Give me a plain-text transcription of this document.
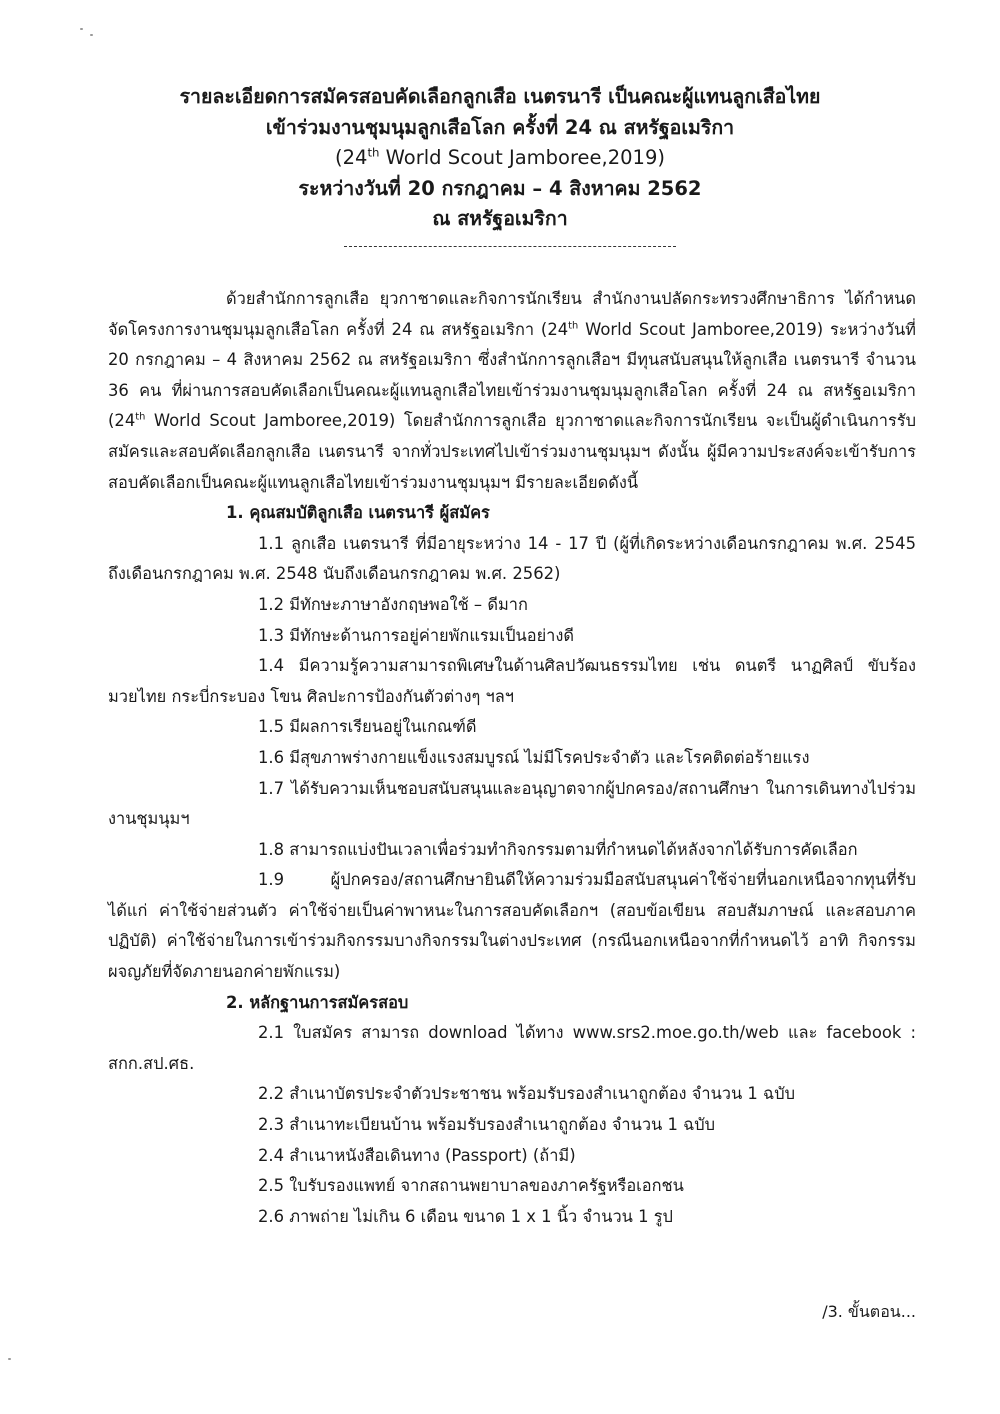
รายละเอียดการสมัครสอบคัดเลือกลูกเสือ เนตรนารี เป็นคณะผู้แทนลูกเสือไทย
เข้าร่วมงานชุมนุมลูกเสือโลก ครั้งที่ 24 ณ สหรัฐอเมริกา
(24th World Scout Jamboree,2019)
ระหว่างวันที่ 20 กรกฎาคม – 4 สิงหาคม 2562
ณ สหรัฐอเมริกา

ด้วยสำนักการลูกเสือ ยุวกาชาดและกิจการนักเรียน สำนักงานปลัดกระทรวงศึกษาธิการ ได้กำหนดจัดโครงการงานชุมนุมลูกเสือโลก ครั้งที่ 24 ณ สหรัฐอเมริกา (24th World Scout Jamboree,2019) ระหว่างวันที่ 20 กรกฎาคม – 4 สิงหาคม 2562 ณ สหรัฐอเมริกา ซึ่งสำนักการลูกเสือฯ มีทุนสนับสนุนให้ลูกเสือ เนตรนารี จำนวน 36 คน ที่ผ่านการสอบคัดเลือกเป็นคณะผู้แทนลูกเสือไทยเข้าร่วมงานชุมนุมลูกเสือโลก ครั้งที่ 24 ณ สหรัฐอเมริกา (24th World Scout Jamboree,2019) โดยสำนักการลูกเสือ ยุวกาชาดและกิจการนักเรียน จะเป็นผู้ดำเนินการรับสมัครและสอบคัดเลือกลูกเสือ เนตรนารี จากทั่วประเทศไปเข้าร่วมงานชุมนุมฯ ดังนั้น ผู้มีความประสงค์จะเข้ารับการสอบคัดเลือกเป็นคณะผู้แทนลูกเสือไทยเข้าร่วมงานชุมนุมฯ มีรายละเอียดดังนี้

1. คุณสมบัติลูกเสือ เนตรนารี ผู้สมัคร

1.1 ลูกเสือ เนตรนารี ที่มีอายุระหว่าง 14 - 17 ปี (ผู้ที่เกิดระหว่างเดือนกรกฎาคม พ.ศ. 2545 ถึงเดือนกรกฎาคม พ.ศ. 2548 นับถึงเดือนกรกฎาคม พ.ศ. 2562)

1.2 มีทักษะภาษาอังกฤษพอใช้ – ดีมาก

1.3 มีทักษะด้านการอยู่ค่ายพักแรมเป็นอย่างดี

1.4 มีความรู้ความสามารถพิเศษในด้านศิลปวัฒนธรรมไทย เช่น ดนตรี นาฏศิลป์ ขับร้อง มวยไทย กระบี่กระบอง โขน ศิลปะการป้องกันตัวต่างๆ ฯลฯ

1.5 มีผลการเรียนอยู่ในเกณฑ์ดี

1.6 มีสุขภาพร่างกายแข็งแรงสมบูรณ์ ไม่มีโรคประจำตัว และโรคติดต่อร้ายแรง

1.7 ได้รับความเห็นชอบสนับสนุนและอนุญาตจากผู้ปกครอง/สถานศึกษา ในการเดินทางไปร่วมงานชุมนุมฯ

1.8 สามารถแบ่งปันเวลาเพื่อร่วมทำกิจกรรมตามที่กำหนดได้หลังจากได้รับการคัดเลือก

1.9 ผู้ปกครอง/สถานศึกษายินดีให้ความร่วมมือสนับสนุนค่าใช้จ่ายที่นอกเหนือจากทุนที่รับ ได้แก่ ค่าใช้จ่ายส่วนตัว ค่าใช้จ่ายเป็นค่าพาหนะในการสอบคัดเลือกฯ (สอบข้อเขียน สอบสัมภาษณ์ และสอบภาคปฏิบัติ) ค่าใช้จ่ายในการเข้าร่วมกิจกรรมบางกิจกรรมในต่างประเทศ (กรณีนอกเหนือจากที่กำหนดไว้ อาทิ กิจกรรมผจญภัยที่จัดภายนอกค่ายพักแรม)

2. หลักฐานการสมัครสอบ

2.1 ใบสมัคร สามารถ download ได้ทาง www.srs2.moe.go.th/web และ facebook : สกก.สป.ศธ.

2.2 สำเนาบัตรประจำตัวประชาชน พร้อมรับรองสำเนาถูกต้อง จำนวน 1 ฉบับ

2.3 สำเนาทะเบียนบ้าน พร้อมรับรองสำเนาถูกต้อง จำนวน 1 ฉบับ

2.4 สำเนาหนังสือเดินทาง (Passport) (ถ้ามี)

2.5 ใบรับรองแพทย์ จากสถานพยาบาลของภาครัฐหรือเอกชน

2.6 ภาพถ่าย ไม่เกิน 6 เดือน ขนาด 1 x 1 นิ้ว จำนวน 1 รูป

/3. ขั้นตอน...
